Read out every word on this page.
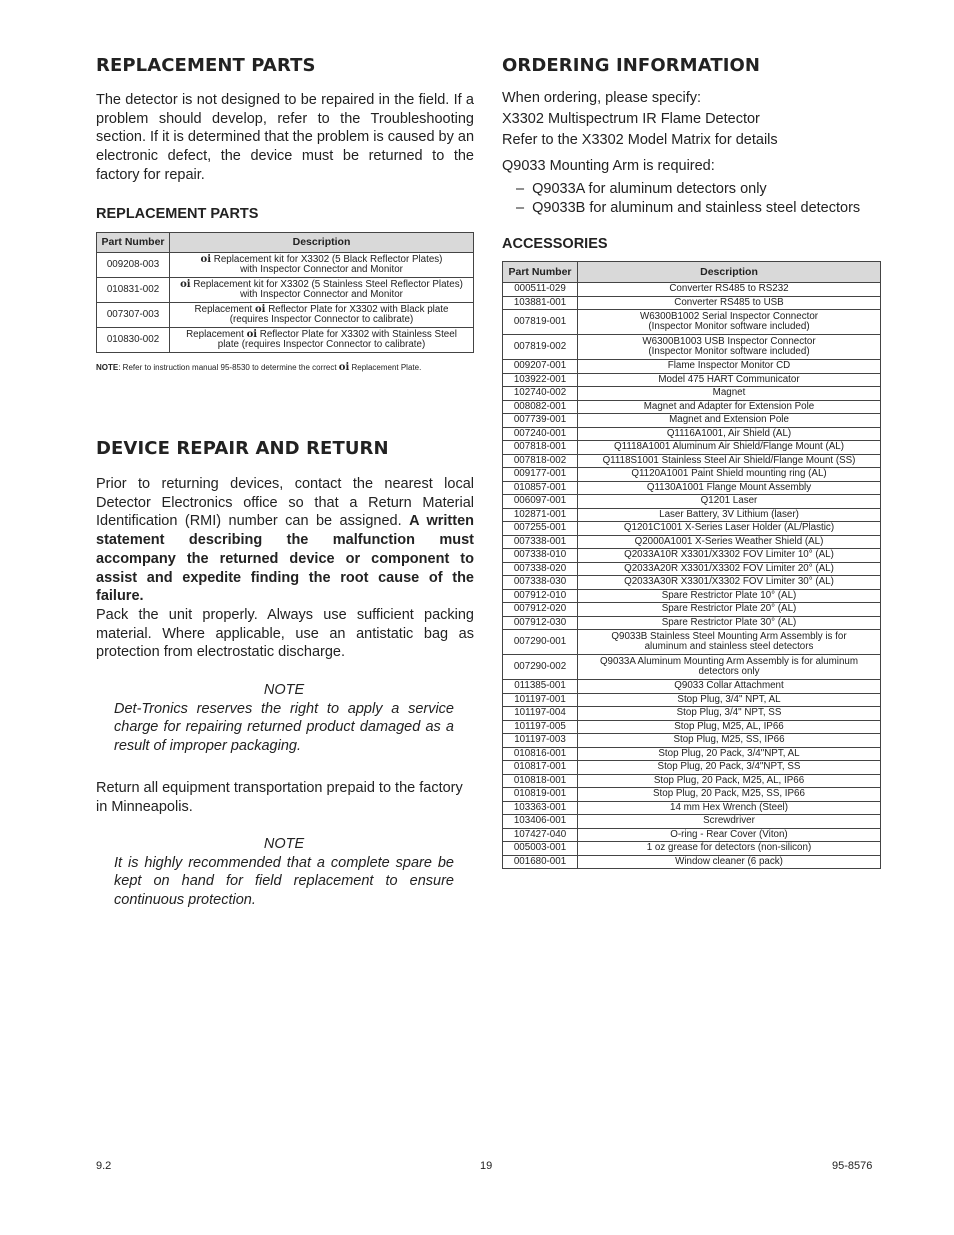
REPLACEMENT PARTS

The detector is not designed to be repaired in the field. If a problem should develop, refer to the Troubleshooting section. If it is determined that the problem is caused by an electronic defect, the device must be returned to the factory for repair.

REPLACEMENT PARTS
Part Number	Description
009208-003	oi Replacement kit for X3302 (5 Black Reflector Plates)
with Inspector Connector and Monitor
010831-002	oi Replacement kit for X3302 (5 Stainless Steel Reflector Plates)
with Inspector Connector and Monitor
007307-003	Replacement oi Reflector Plate for X3302 with Black plate
(requires Inspector Connector to calibrate)
010830-002	Replacement oi Reflector Plate for X3302 with Stainless Steel
plate (requires Inspector Connector to calibrate)
NOTE: Refer to instruction manual 95-8530 to determine the correct oi Replacement Plate.
DEVICE REPAIR AND RETURN

Prior to returning devices, contact the nearest local Detector Electronics office so that a Return Material Identification (RMI) number can be assigned. A written statement describing the malfunction must accompany the returned device or component to assist and expedite finding the root cause of the failure.

Pack the unit properly. Always use sufficient packing material. Where applicable, use an antistatic bag as protection from electrostatic discharge.

NOTE
Det-Tronics reserves the right to apply a service charge for repairing returned product damaged as a result of improper packaging.

Return all equipment transportation prepaid to the factory in Minneapolis.

NOTE
It is highly recommended that a complete spare be kept on hand for field replacement to ensure continuous protection.
ORDERING INFORMATION

When ordering, please specify:

X3302 Multispectrum IR Flame Detector

Refer to the X3302 Model Matrix for details

Q9033 Mounting Arm is required:

–  Q9033A for aluminum detectors only
–  Q9033B for aluminum and stainless steel detectors
ACCESSORIES
Part Number	Description
000511-029	Converter RS485 to RS232
103881-001	Converter RS485 to USB
007819-001	W6300B1002 Serial Inspector Connector
(Inspector Monitor software included)
007819-002	W6300B1003 USB Inspector Connector
(Inspector Monitor software included)
009207-001	Flame Inspector Monitor CD
103922-001	Model 475 HART Communicator
102740-002	Magnet
008082-001	Magnet and Adapter for Extension Pole
007739-001	Magnet and Extension Pole
007240-001	Q1116A1001, Air Shield (AL)
007818-001	Q1118A1001 Aluminum Air Shield/Flange Mount (AL)
007818-002	Q1118S1001 Stainless Steel Air Shield/Flange Mount (SS)
009177-001	Q1120A1001 Paint Shield mounting ring (AL)
010857-001	Q1130A1001 Flange Mount Assembly
006097-001	Q1201 Laser
102871-001	Laser Battery, 3V Lithium (laser)
007255-001	Q1201C1001 X-Series Laser Holder (AL/Plastic)
007338-001	Q2000A1001 X-Series Weather Shield (AL)
007338-010	Q2033A10R X3301/X3302 FOV Limiter 10° (AL)
007338-020	Q2033A20R X3301/X3302 FOV Limiter 20° (AL)
007338-030	Q2033A30R X3301/X3302 FOV Limiter 30° (AL)
007912-010	Spare Restrictor Plate 10° (AL)
007912-020	Spare Restrictor Plate 20° (AL)
007912-030	Spare Restrictor Plate 30° (AL)
007290-001	Q9033B Stainless Steel Mounting Arm Assembly is for
aluminum and stainless steel detectors
007290-002	Q9033A Aluminum Mounting Arm Assembly is for aluminum
detectors only
011385-001	Q9033 Collar Attachment
101197-001	Stop Plug, 3/4" NPT, AL
101197-004	Stop Plug, 3/4" NPT, SS
101197-005	Stop Plug, M25, AL, IP66
101197-003	Stop Plug, M25, SS, IP66
010816-001	Stop Plug, 20 Pack, 3/4"NPT, AL
010817-001	Stop Plug, 20 Pack, 3/4"NPT, SS
010818-001	Stop Plug, 20 Pack, M25, AL, IP66
010819-001	Stop Plug, 20 Pack, M25, SS, IP66
103363-001	14 mm Hex Wrench (Steel)
103406-001	Screwdriver
107427-040	O-ring - Rear Cover (Viton)
005003-001	1 oz grease for detectors (non-silicon)
001680-001	Window cleaner (6 pack)
9.2	19	95-8576
